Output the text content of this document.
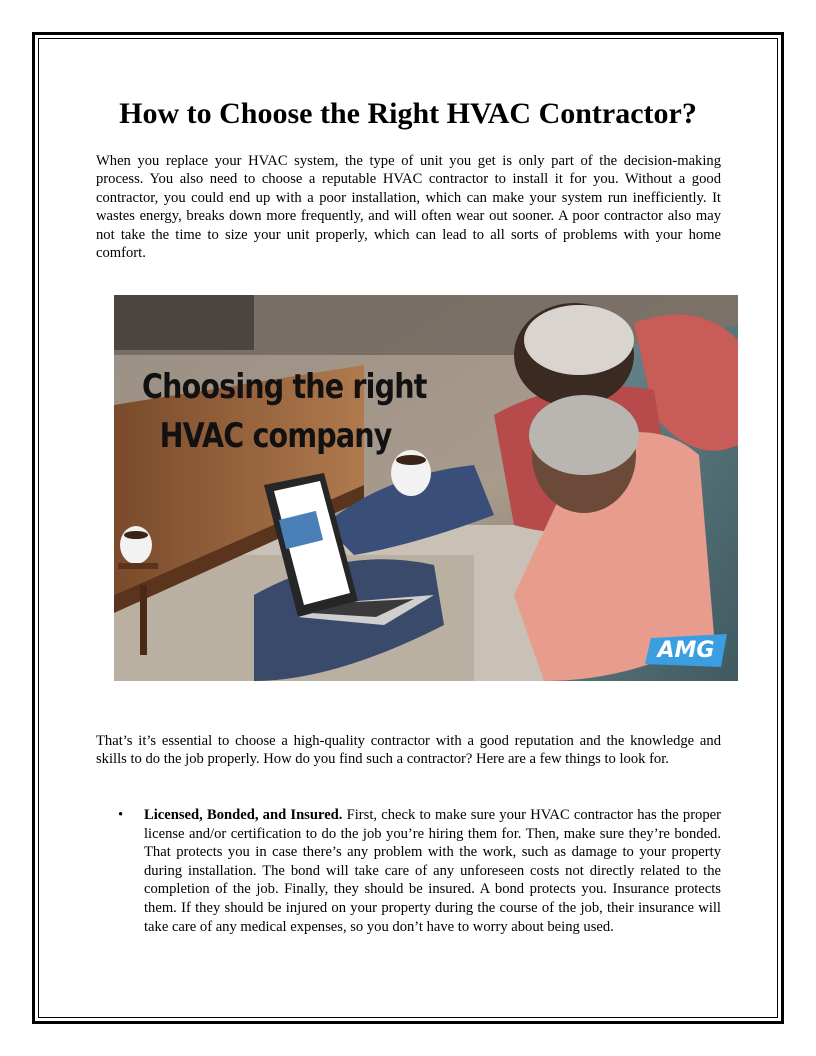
How to Choose the Right HVAC Contractor?

When you replace your HVAC system, the type of unit you get is only part of the decision-making process. You also need to choose a reputable HVAC contractor to install it for you. Without a good contractor, you could end up with a poor installation, which can make your system run inefficiently. It wastes energy, breaks down more frequently, and will often wear out sooner. A poor contractor also may not take the time to size your unit properly, which can lead to all sorts of problems with your home comfort.

Choosing the right
HVAC company
AMG

That’s it’s essential to choose a high-quality contractor with a good reputation and the knowledge and skills to do the job properly. How do you find such a contractor? Here are a few things to look for.

• Licensed, Bonded, and Insured. First, check to make sure your HVAC contractor has the proper license and/or certification to do the job you’re hiring them for. Then, make sure they’re bonded. That protects you in case there’s any problem with the work, such as damage to your property during installation. The bond will take care of any unforeseen costs not directly related to the completion of the job. Finally, they should be insured. A bond protects you. Insurance protects them. If they should be injured on your property during the course of the job, their insurance will take care of any medical expenses, so you don’t have to worry about being used.
